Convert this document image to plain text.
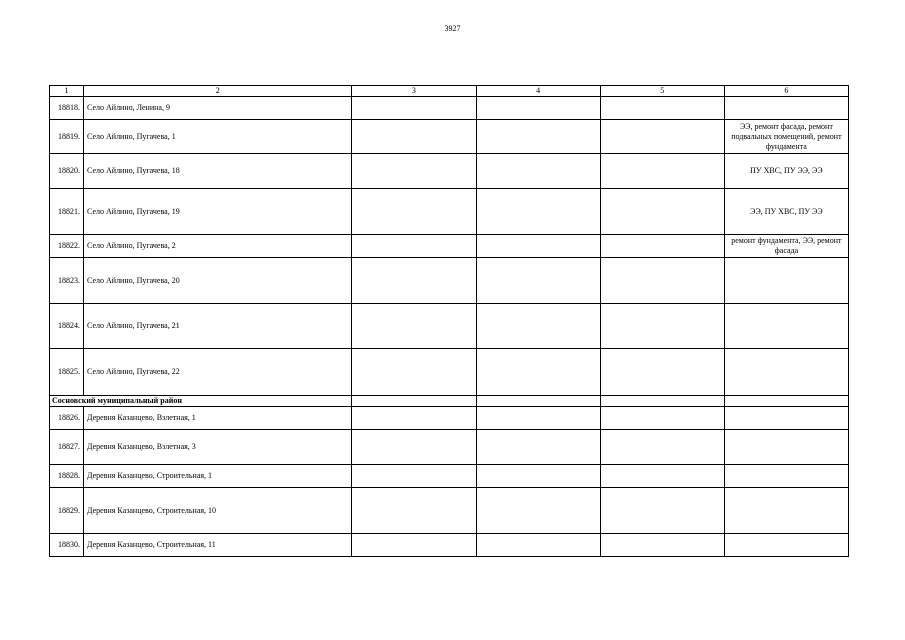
3927
1	2	3	4	5	6
18818.	Село Айлино, Ленина, 9				
18819.	Село Айлино, Пугачева, 1				ЭЭ, ремонт фасада, ремонт подвальных помещений, ремонт фундамента
18820.	Село Айлино, Пугачева, 18				ПУ ХВС, ПУ ЭЭ, ЭЭ
18821.	Село Айлино, Пугачева, 19				ЭЭ, ПУ ХВС, ПУ ЭЭ
18822.	Село Айлино, Пугачева, 2				ремонт фундамента, ЭЭ, ремонт фасада
18823.	Село Айлино, Пугачева, 20				
18824.	Село Айлино, Пугачева, 21				
18825.	Село Айлино, Пугачева, 22				
Сосновский муниципальный район					
18826.	Деревня Казанцево, Взлетная, 1				
18827.	Деревня Казанцево, Взлетная, 3				
18828.	Деревня Казанцево, Строительная, 1				
18829.	Деревня Казанцево, Строительная, 10				
18830.	Деревня Казанцево, Строительная, 11				
